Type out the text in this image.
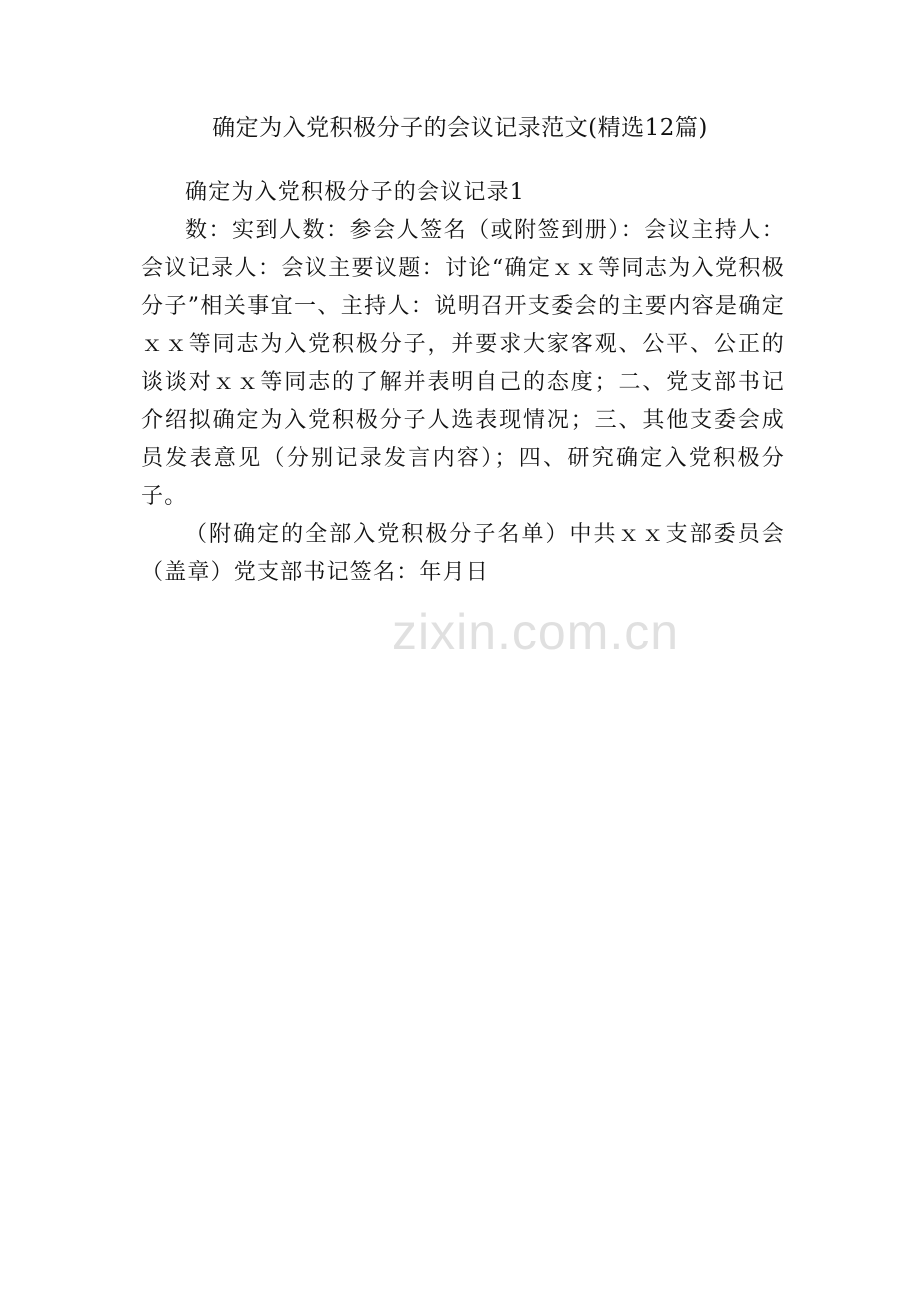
确定为入党积极分子的会议记录范文(精选12篇)

确定为入党积极分子的会议记录1

数：实到人数：参会人签名（或附签到册）：会议主持人：会议记录人：会议主要议题：讨论“确定ｘｘ等同志为入党积极分子”相关事宜一、主持人：说明召开支委会的主要内容是确定ｘｘ等同志为入党积极分子，并要求大家客观、公平、公正的谈谈对ｘｘ等同志的了解并表明自己的态度；二、党支部书记介绍拟确定为入党积极分子人选表现情况；三、其他支委会成员发表意见（分别记录发言内容）；四、研究确定入党积极分子。

（附确定的全部入党积极分子名单）中共ｘｘ支部委员会（盖章）党支部书记签名：年月日

zixin.com.cn
